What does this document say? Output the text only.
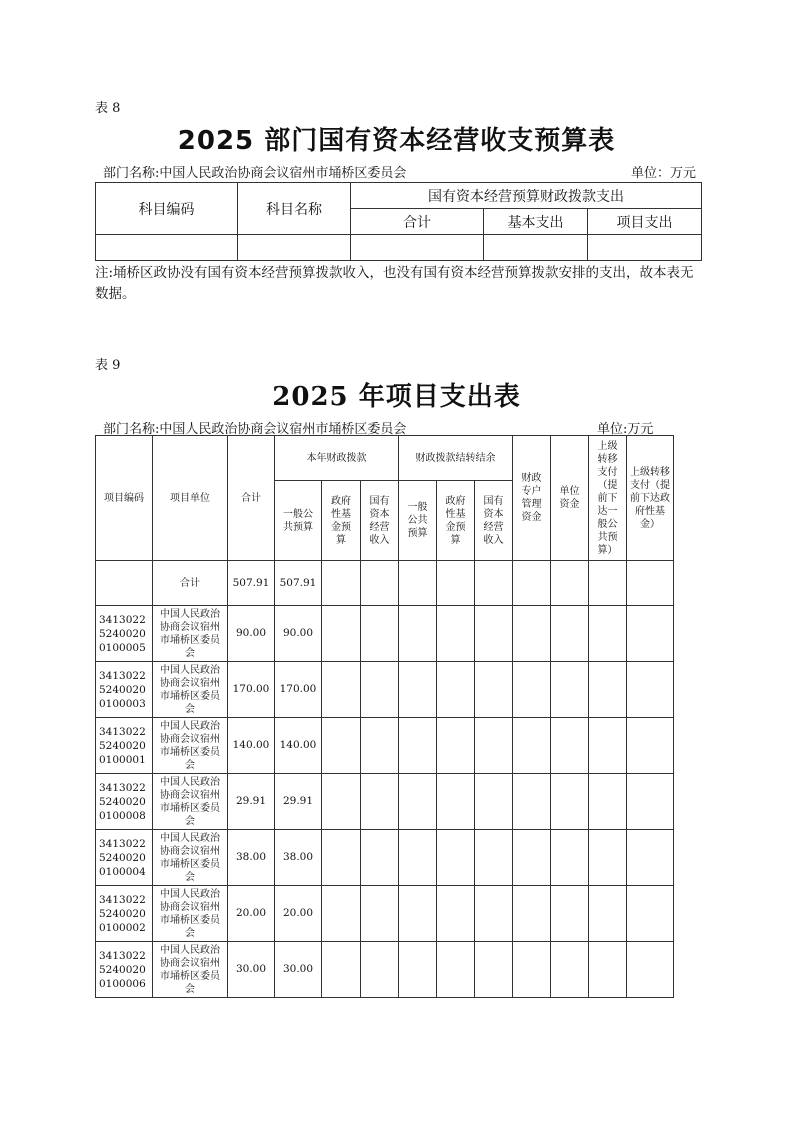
表 8
2025 部门国有资本经营收支预算表
部门名称:中国人民政治协商会议宿州市埇桥区委员会	单位：万元
科目编码	科目名称	国有资本经营预算财政拨款支出		
		合计	基本支出	项目支出

注:埇桥区政协没有国有资本经营预算拨款收入，也没有国有资本经营预算拨款安排的支出，故本表无数据。
表 9
2025 年项目支出表
部门名称:中国人民政治协商会议宿州市埇桥区委员会	单位:万元
项目编码	项目单位	合计	本年财政拨款			财政拨款结转结余			财政专户管理资金	单位资金	上级转移支付（提前下达一般公共预算）	上级转移支付（提前下达政府性基金）
			一般公共预算	政府性基金预算	国有资本经营收入	一般公共预算	政府性基金预算	国有资本经营收入				
	合计	507.91	507.91									

3413022
5240020
0100005	中国人民政治协商会议宿州市埇桥区委员会	90.00	90.00									

3413022
5240020
0100003	中国人民政治协商会议宿州市埇桥区委员会	170.00	170.00									

3413022
5240020
0100001	中国人民政治协商会议宿州市埇桥区委员会	140.00	140.00									

3413022
5240020
0100008	中国人民政治协商会议宿州市埇桥区委员会	29.91	29.91									

3413022
5240020
0100004	中国人民政治协商会议宿州市埇桥区委员会	38.00	38.00									

3413022
5240020
0100002	中国人民政治协商会议宿州市埇桥区委员会	20.00	20.00									

3413022
5240020
0100006	中国人民政治协商会议宿州市埇桥区委员会	30.00	30.00									
